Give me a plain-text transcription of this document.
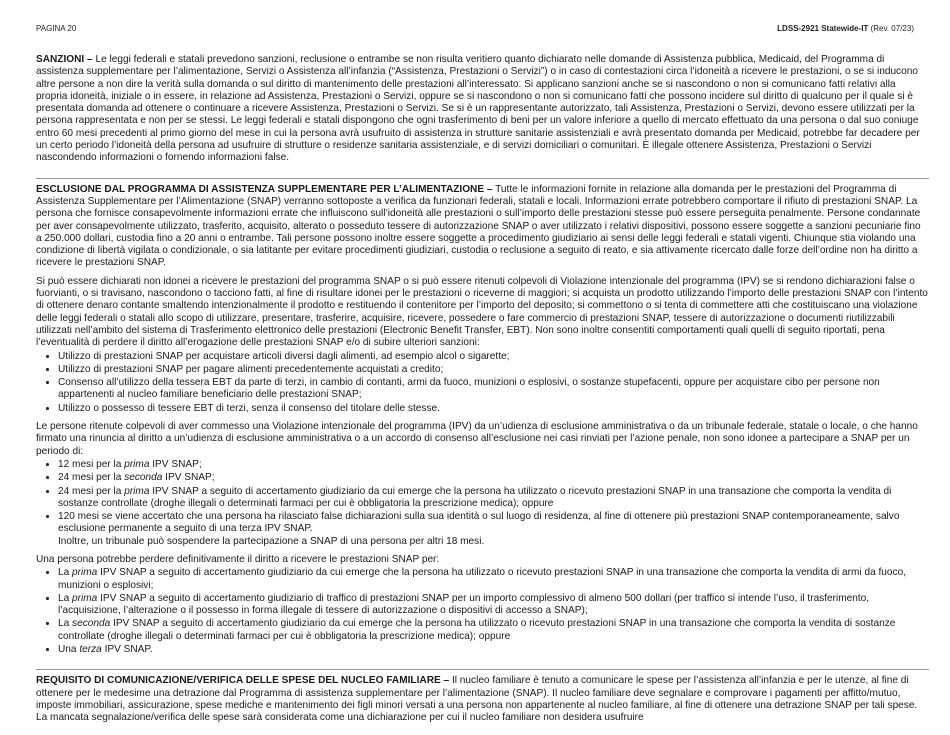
PAGINA 20	LDSS-2921 Statewide-IT (Rev. 07/23)

SANZIONI – Le leggi federali e statali prevedono sanzioni, reclusione o entrambe se non risulta veritiero quanto dichiarato nelle domande di Assistenza pubblica, Medicaid, del Programma di assistenza supplementare per l’alimentazione, Servizi o Assistenza all’infanzia (“Assistenza, Prestazioni o Servizi”) o in caso di contestazioni circa l’idoneità a ricevere le prestazioni, o se si inducono altre persone a non dire la verità sulla domanda o sul diritto di mantenimento delle prestazioni all’interessato. Si applicano sanzioni anche se si nascondono o non si comunicano fatti relativi alla propria idoneità, iniziale o in essere, in relazione ad Assistenza, Prestazioni o Servizi, oppure se si nascondono o non si comunicano fatti che possono incidere sul diritto di qualcuno per il quale si è presentata domanda ad ottenere o continuare a ricevere Assistenza, Prestazioni o Servizi. Se si è un rappresentante autorizzato, tali Assistenza, Prestazioni o Servizi, devono essere utilizzati per la persona rappresentata e non per se stessi. Le leggi federali e statali dispongono che ogni trasferimento di beni per un valore inferiore a quello di mercato effettuato da una persona o dal suo coniuge entro 60 mesi precedenti al primo giorno del mese in cui la persona avrà usufruito di assistenza in strutture sanitarie assistenziali e avrà presentato domanda per Medicaid, potrebbe far decadere per un certo periodo l’idoneità della persona ad usufruire di strutture o residenze sanitaria assistenziale, e di servizi domiciliari o comunitari. È illegale ottenere Assistenza, Prestazioni o Servizi nascondendo informazioni o fornendo informazioni false.

ESCLUSIONE DAL PROGRAMMA DI ASSISTENZA SUPPLEMENTARE PER L’ALIMENTAZIONE – Tutte le informazioni fornite in relazione alla domanda per le prestazioni del Programma di Assistenza Supplementare per l’Alimentazione (SNAP) verranno sottoposte a verifica da funzionari federali, statali e locali. Informazioni errate potrebbero comportare il rifiuto di prestazioni SNAP. La persona che fornisce consapevolmente informazioni errate che influiscono sull’idoneità alle prestazioni o sull’importo delle prestazioni stesse può essere perseguita penalmente. Persone condannate per aver consapevolmente utilizzato, trasferito, acquisito, alterato o posseduto tessere di autorizzazione SNAP o aver utilizzato i relativi dispositivi, possono essere soggette a sanzioni pecuniarie fino a 250.000 dollari, custodia fino a 20 anni o entrambe. Tali persone possono inoltre essere soggette a procedimento giudiziario ai sensi delle leggi federali e statali vigenti. Chiunque stia violando una condizione di libertà vigilata o condizionale, o sia latitante per evitare procedimenti giudiziari, custodia o reclusione a seguito di reato, e sia attivamente ricercato dalle forze dell’ordine non ha diritto a ricevere le prestazioni SNAP.

Si può essere dichiarati non idonei a ricevere le prestazioni del programma SNAP o si può essere ritenuti colpevoli di Violazione intenzionale del programma (IPV) se si rendono dichiarazioni false o fuorvianti, o si travisano, nascondono o tacciono fatti, al fine di risultare idonei per le prestazioni o riceverne di maggiori; si acquista un prodotto utilizzando l’importo delle prestazioni SNAP con l’intento di ottenere denaro contante smaltendo intenzionalmente il prodotto e restituendo il contenitore per l’importo del deposito; si commettono o si tenta di commettere atti che costituiscano una violazione delle leggi federali o statali allo scopo di utilizzare, presentare, trasferire, acquisire, ricevere, possedere o fare commercio di prestazioni SNAP, tessere di autorizzazione o documenti riutilizzabili utilizzati nell’ambito del sistema di Trasferimento elettronico delle prestazioni (Electronic Benefit Transfer, EBT). Non sono inoltre consentiti comportamenti quali quelli di seguito riportati, pena l’eventualità di perdere il diritto all’erogazione delle prestazioni SNAP e/o di subire ulteriori sanzioni:

• Utilizzo di prestazioni SNAP per acquistare articoli diversi dagli alimenti, ad esempio alcol o sigarette;
• Utilizzo di prestazioni SNAP per pagare alimenti precedentemente acquistati a credito;
• Consenso all’utilizzo della tessera EBT da parte di terzi, in cambio di contanti, armi da fuoco, munizioni o esplosivi, o sostanze stupefacenti, oppure per acquistare cibo per persone non appartenenti al nucleo familiare beneficiario delle prestazioni SNAP;
• Utilizzo o possesso di tessere EBT di terzi, senza il consenso del titolare delle stesse.

Le persone ritenute colpevoli di aver commesso una Violazione intenzionale del programma (IPV) da un’udienza di esclusione amministrativa o da un tribunale federale, statale o locale, o che hanno firmato una rinuncia al diritto a un’udienza di esclusione amministrativa o a un accordo di consenso all’esclusione nei casi rinviati per l’azione penale, non sono idonee a partecipare a SNAP per un periodo di:

• 12 mesi per la prima IPV SNAP;
• 24 mesi per la seconda IPV SNAP;
• 24 mesi per la prima IPV SNAP a seguito di accertamento giudiziario da cui emerge che la persona ha utilizzato o ricevuto prestazioni SNAP in una transazione che comporta la vendita di sostanze controllate (droghe illegali o determinati farmaci per cui è obbligatoria la prescrizione medica); oppure
• 120 mesi se viene accertato che una persona ha rilasciato false dichiarazioni sulla sua identità o sul luogo di residenza, al fine di ottenere più prestazioni SNAP contemporaneamente, salvo esclusione permanente a seguito di una terza IPV SNAP.
Inoltre, un tribunale può sospendere la partecipazione a SNAP di una persona per altri 18 mesi.

Una persona potrebbe perdere definitivamente il diritto a ricevere le prestazioni SNAP per:

• La prima IPV SNAP a seguito di accertamento giudiziario da cui emerge che la persona ha utilizzato o ricevuto prestazioni SNAP in una transazione che comporta la vendita di armi da fuoco, munizioni o esplosivi;
• La prima IPV SNAP a seguito di accertamento giudiziario di traffico di prestazioni SNAP per un importo complessivo di almeno 500 dollari (per traffico si intende l’uso, il trasferimento, l’acquisizione, l’alterazione o il possesso in forma illegale di tessere di autorizzazione o dispositivi di accesso a SNAP);
• La seconda IPV SNAP a seguito di accertamento giudiziario da cui emerge che la persona ha utilizzato o ricevuto prestazioni SNAP in una transazione che comporta la vendita di sostanze controllate (droghe illegali o determinati farmaci per cui è obbligatoria la prescrizione medica); oppure
• Una terza IPV SNAP.

REQUISITO DI COMUNICAZIONE/VERIFICA DELLE SPESE DEL NUCLEO FAMILIARE – Il nucleo familiare è tenuto a comunicare le spese per l’assistenza all’infanzia e per le utenze, al fine di ottenere per le medesime una detrazione dal Programma di assistenza supplementare per l’alimentazione (SNAP). Il nucleo familiare deve segnalare e comprovare i pagamenti per affitto/mutuo, imposte immobiliari, assicurazione, spese mediche e mantenimento dei figli minori versati a una persona non appartenente al nucleo familiare, al fine di ottenere una detrazione SNAP per tali spese. La mancata segnalazione/verifica delle spese sarà considerata come una dichiarazione per cui il nucleo familiare non desidera usufruire
